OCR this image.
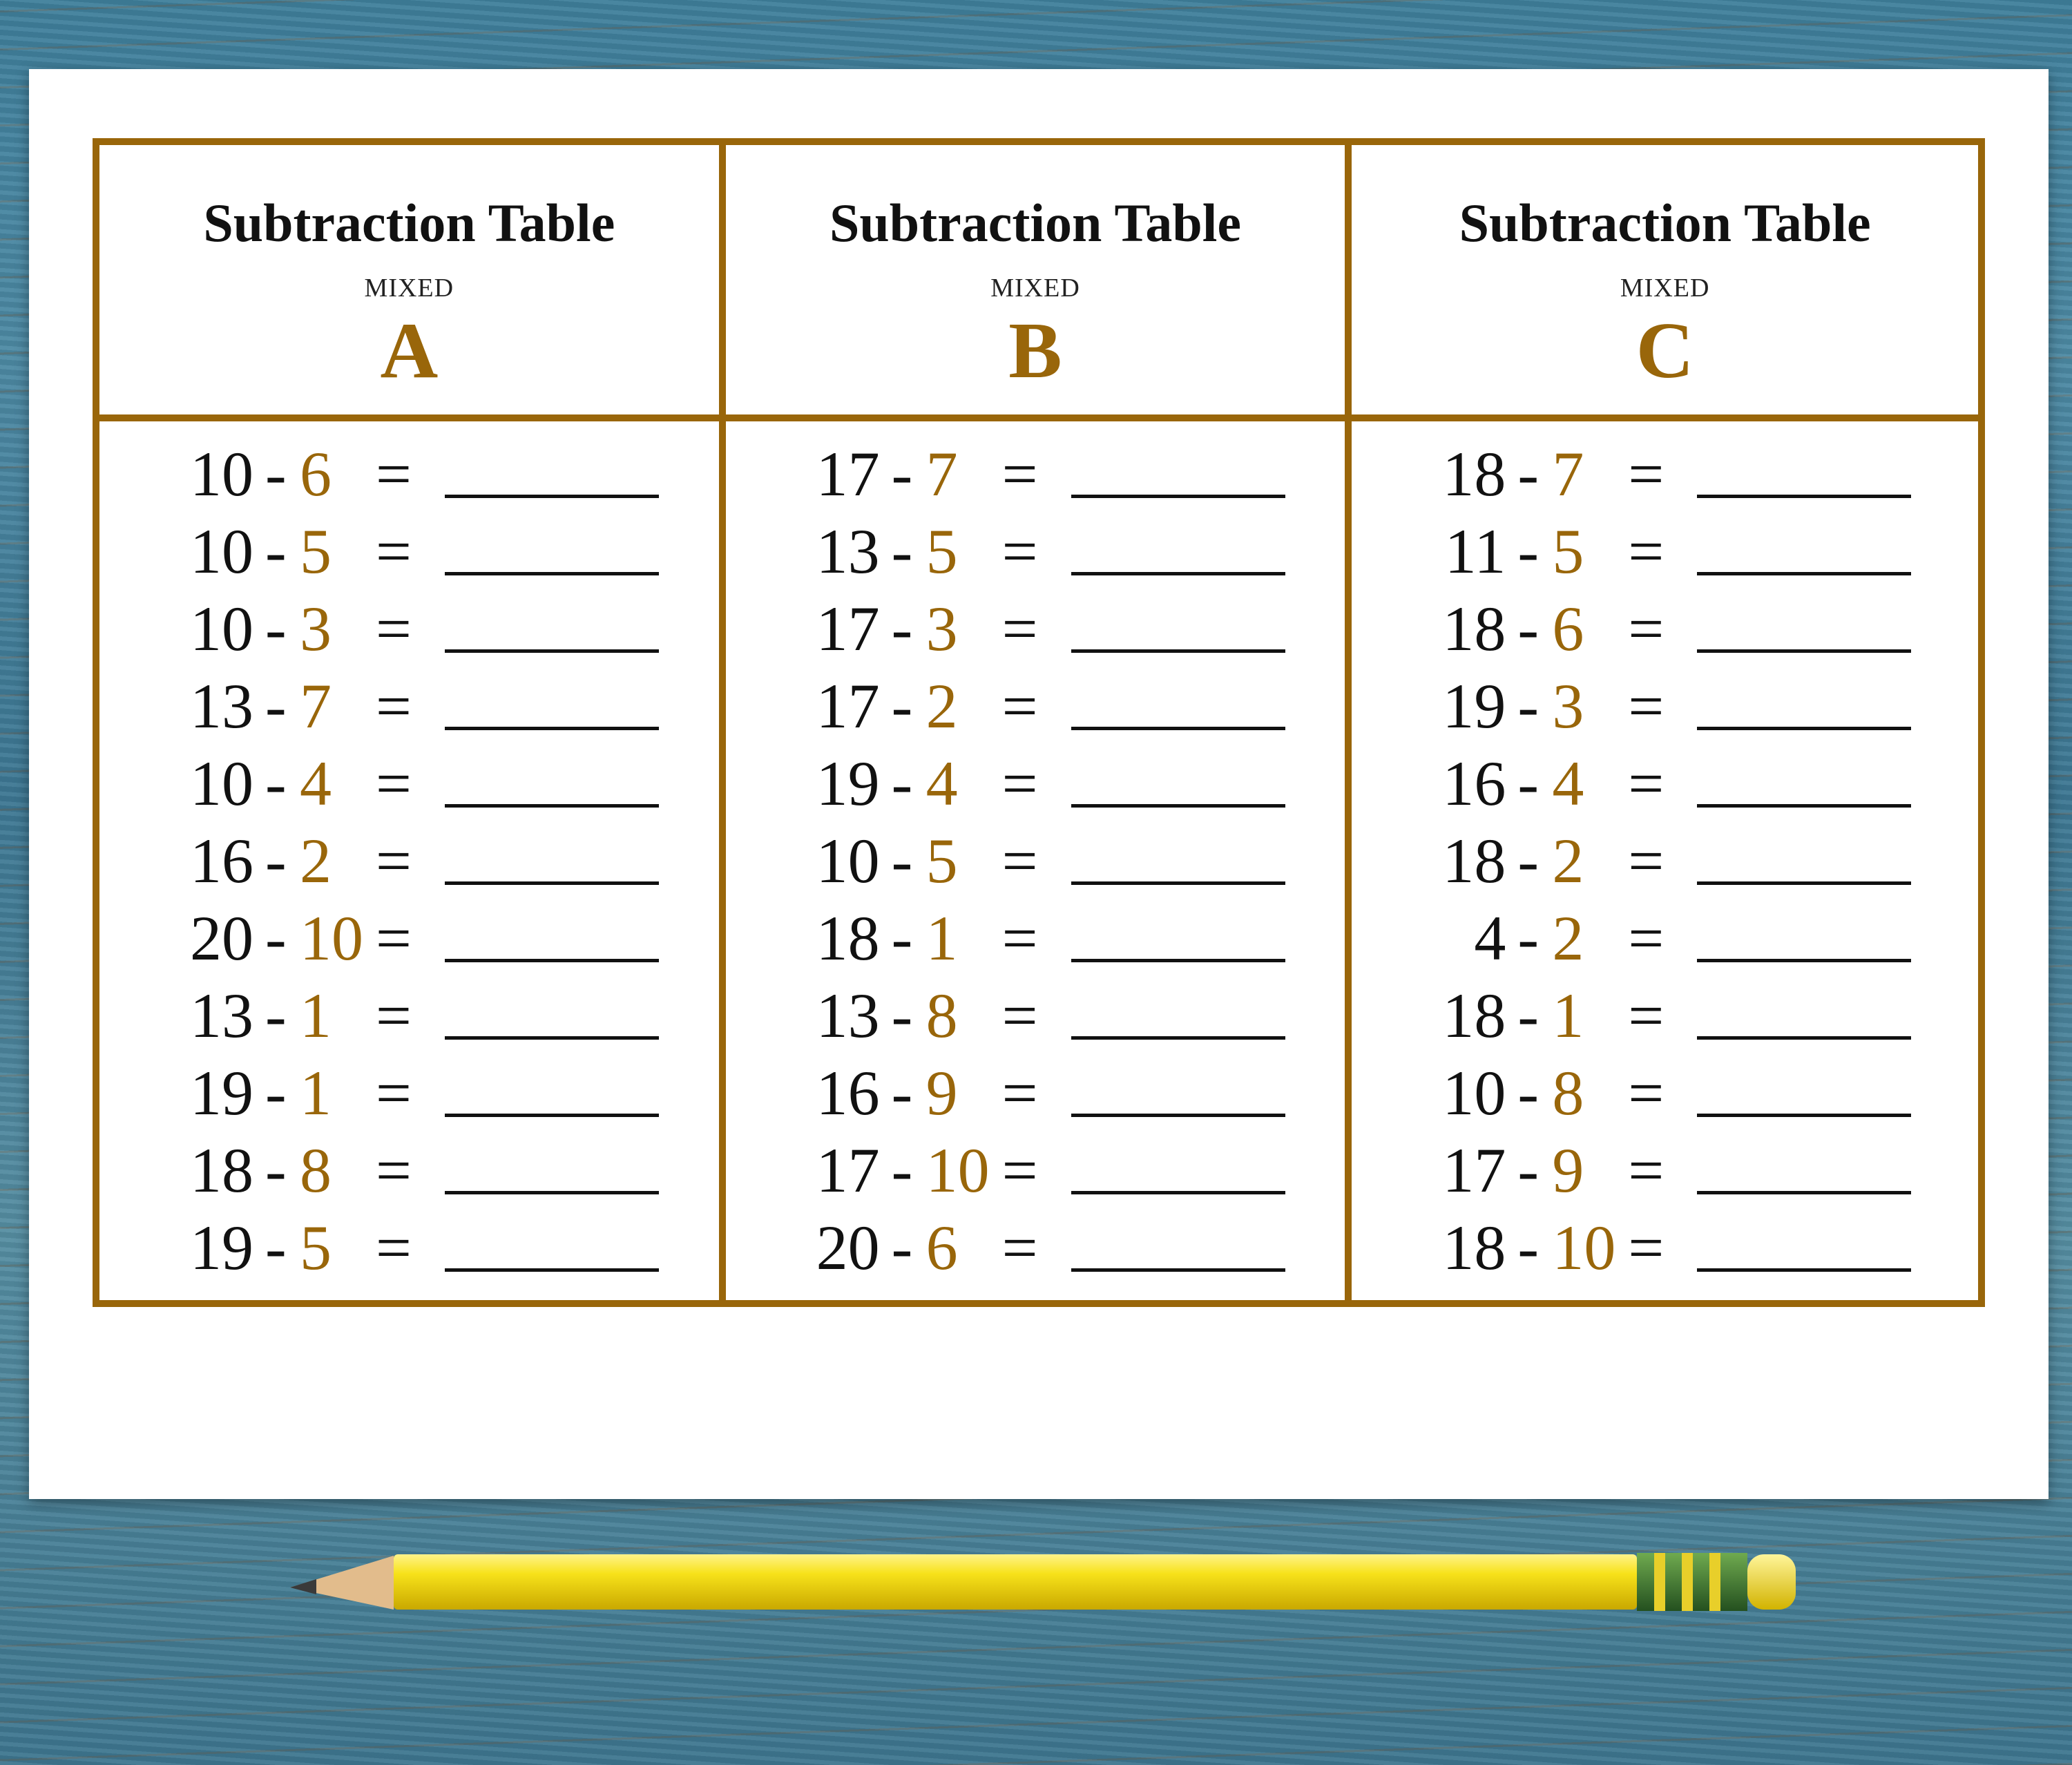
Subtraction Table
MIXED
A
Subtraction Table
MIXED
B
Subtraction Table
MIXED
C
10 - 6 =
10 - 5 =
10 - 3 =
13 - 7 =
10 - 4 =
16 - 2 =
20 - 10 =
13 - 1 =
19 - 1 =
18 - 8 =
19 - 5 =
17 - 7 =
13 - 5 =
17 - 3 =
17 - 2 =
19 - 4 =
10 - 5 =
18 - 1 =
13 - 8 =
16 - 9 =
17 - 10 =
20 - 6 =
18 - 7 =
11 - 5 =
18 - 6 =
19 - 3 =
16 - 4 =
18 - 2 =
4 - 2 =
18 - 1 =
10 - 8 =
17 - 9 =
18 - 10 =
